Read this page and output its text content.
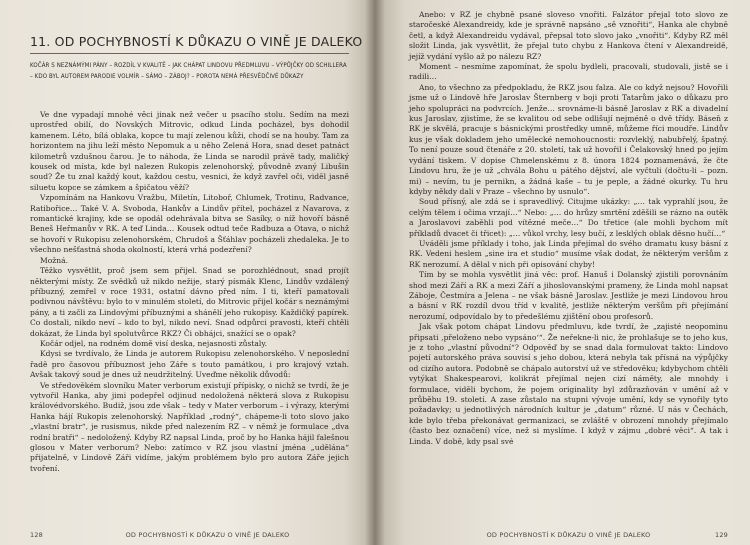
11. OD POCHYBNOSTÍ K DŮKAZU O VINĚ JE DALEKO

KOČÁR S NEZNÁMÝMI PÁNY – ROZDÍL V KVALITĚ – JAK CHÁPAT LINDOVU PŘEDMLUVU – VÝPŮJČKY OD SCHILLERA – KDO BYL AUTOREM PARODIE VOLMÍR – SÁMO – ZÁBOJ? – POROTA NEMÁ PŘESVĚDČIVÉ DŮKAZY

Ve dne vypadají mnohé věci jinak než večer u psacího stolu. Sedím na mezi uprostřed obilí, do Novských Mitrovic, odkud Linda pocházel, bys dohodil kamenem. Léto, bílá oblaka, kopce tu mají zelenou kůži, chodí se na houby. Tam za horizontem na jihu leží město Nepomuk a u něho Zelená Hora, snad deset patnáct kilometrů vzdušnou čarou. Je to náhoda, že Linda se narodil právě tady, maličký kousek od místa, kde byl nalezen Rukopis zelenohorský, původně zvaný Libušin soud? Že tu znal každý kout, každou cestu, vesnici, že když zavřel oči, viděl jasně siluetu kopce se zámkem a špičatou věží?

Vzpomínám na Hankovu Vražbu, Miletín, Litoboř, Chlumek, Trotinu, Radvance, Ratibořice… Také V. A. Svoboda, Hankův a Lindův přítel, pocházel z Navarova, z romantické krajiny, kde se opodál odehrávala bitva se Sasíky, o níž hovoří básně Beneš Heřmanův v RK. A teď Linda… Kousek odtud teče Radbuza a Otava, o nichž se hovoří v Rukopisu zelenohorském, Chrudoš a Šťáhlav pocházeli zhedaleka. Je to všechno nešťastná shoda okolností, která vrhá podezření?

Možná.

Těžko vysvětlit, proč jsem sem přijel. Snad se porozhlédnout, snad projít některými místy. Ze svědků už nikdo nežije, starý písmák Klenc, Lindův vzdálený příbuzný, zemřel v roce 1931, ostatní dávno před ním. I ti, kteří pamatovali podivnou návštěvu: bylo to v minulém století, do Mitrovic přijel kočár s neznámými pány, a ti začli za Lindovými příbuznými a shánělí jeho rukopisy. Každičký papírek. Co dostali, nikdo neví – kdo to byl, nikdo neví. Snad odpůrci pravosti, kteří chtěli dokázat, že Linda byl spolutvůrce RKZ? Či obhájci, snažící se o opak?

Kočár odjel, na rodném domě visí deska, nejasnosti zůstaly.

Kdysi se tvrdívalo, že Linda je autorem Rukopisu zelenohorského. V neposlední řadě pro časovou příbuznost jeho Záře s touto památkou, i pro krajový vztah. Avšak takový soud je dnes už neudržitelný. Uveďme několik důvodů:

Ve středověkém slovníku Mater verborum existují přípisky, o nichž se tvrdí, že je vytvořil Hanka, aby jimi podepřel odjinud nedoložená některá slova z Rukopisu královédvorského. Budiž, jsou zde však – tedy v Mater verborum – i výrazy, kterými Hanka hájí Rukopis zelenohorský. Například „rodný“, chápeme-li toto slovo jako „vlastní bratr“, je rusismus, nikde před nalezením RZ – v němž je formulace „dva rodní bratři“ – nedoložený. Kdyby RZ napsal Linda, proč by ho Hanka hájil falešnou glosou v Mater verborum? Nebo: zatímco v RZ jsou vlastní jména „udělána“ přijatelně, v Lindově Záři vidíme, jakým problémem bylo pro autora Záře jejich tvoření.

128	OD POCHYBNOSTÍ K DŮKAZU O VINĚ JE DALEKO

Anebo: v RZ je chybně psané sloveso vnořiti. Falzátor přejal toto slovo ze staročeské Alexandreidy, kde je správně napsáno „sě vznořiti“, Hanka ale chybně četl, a když Alexandreidu vydával, přepsal toto slovo jako „vnořiti“. Kdyby RZ měl složit Linda, jak vysvětlit, že přejal tuto chybu z Hankova čtení v Alexandreidě, jejíž vydání vyšlo až po nálezu RZ?

Moment – nesmíme zapomínat, že spolu bydleli, pracovali, studovali, jistě se i radili…

Ano, to všechno za předpokladu, že RKZ jsou falza. Ale co když nejsou? Hovořili jsme už o Lindově hře Jaroslav Šternberg v boji proti Tatarům jako o důkazu pro jeho spolupráci na podvrcích. Jenže… srovnáme-li básně Jaroslav z RK a divadelní kus Jaroslav, zjistíme, že se kvalitou od sebe odlišují nejméně o dvě třídy. Báseň z RK je skvělá, pracuje s básnickými prostředky umně, můžeme říci moudře. Lindův kus je však dokladem jeho umělecké nemohoucnosti: rozvleklý, nabubřelý, špatný. To není pouze soud čtenáře z 20. století, tak už hovořil i Čelakovský hned po jejím vydání tiskem. V dopise Chmelenskému z 8. února 1824 poznamenává, že čte Lindovu hru, že je už „chvála Bohu u pátého dějství, ale vyčtuli (dočtu-li – pozn. mi) – nevím, tu je pernikn, a žádná kaše – tu je peple, a žádné okurky. Tu hru kdyby někdy dali v Praze – všechno by usnulo“.

Soud přísný, ale zdá se i spravedlivý. Citujme ukázky: „… tak vyprahlí jsou, že celým tělem i očima vrzají…“ Nebo: „… do hrůzy smrtění zděšili se rázno na outěk a Jaroslavovi zaběhli pod vítězné meče…“ Do třetice (ale mohli bychom mít příkladů dvacet či třicet): „… vůkol vrchy, lesy bučí, z lesklých oblak děsno hučí…“

Uváděli jsme příklady i toho, jak Linda přejímal do svého dramatu kusy básní z RK. Vedeni heslem „sine ira et studio“ musíme však dodat, že některým veršům z RK nerozumí. A dělal v nich při opisování chyby!

Tím by se mohla vysvětlit jiná věc: prof. Hanuš i Dolanský zjistili porovnáním shod mezi Září a RK a mezi Září a jihoslovanskými prameny, že Linda mohl napsat Záboje, Čestmíra a Jelena – ne však básně Jaroslav. Jestliže je mezi Lindovou hrou a básní v RK rozdíl dvou tříd v kvalitě, jestliže některým veršům při přejímání nerozumí, odpovídalo by to předešlému zjištění obou profesorů.

Jak však potom chápat Lindovu předmluvu, kde tvrdí, že „zajisté neopominu připsati ,přeloženo nebo vypsáno‘“. Že neřekne-li nic, že prohlašuje se to jeho kus, je z toho „vlastní původní“? Odpověď by se snad dala formulovat takto: Lindovo pojetí autorského práva souvisí s jeho dobou, která nebyla tak přísná na výpůjčky od cizího autora. Podobně se chápalo autorství už ve středověku; kdybychom chtěli vytýkat Shakespearovi, kolikrát přejímal nejen cizí náměty, ale mnohdy i formulace, viděli bychom, že pojem originality byl zdůrazňován v umění až v průběhu 19. století. A zase zůstalo na stupni vývoje umění, kdy se vynořily tyto požadavky; u jednotlivých národních kultur je „datum“ různé. U nás v Čechách, kde bylo třeba překonávat germanizaci, se zvláště v obrození mnohdy přejímalo (často bez označení) více, než si myslíme. I když v zájmu „dobré věci“. A tak i Linda. V době, kdy psal své

OD POCHYBNOSTÍ K DŮKAZU O VINĚ JE DALEKO	129
